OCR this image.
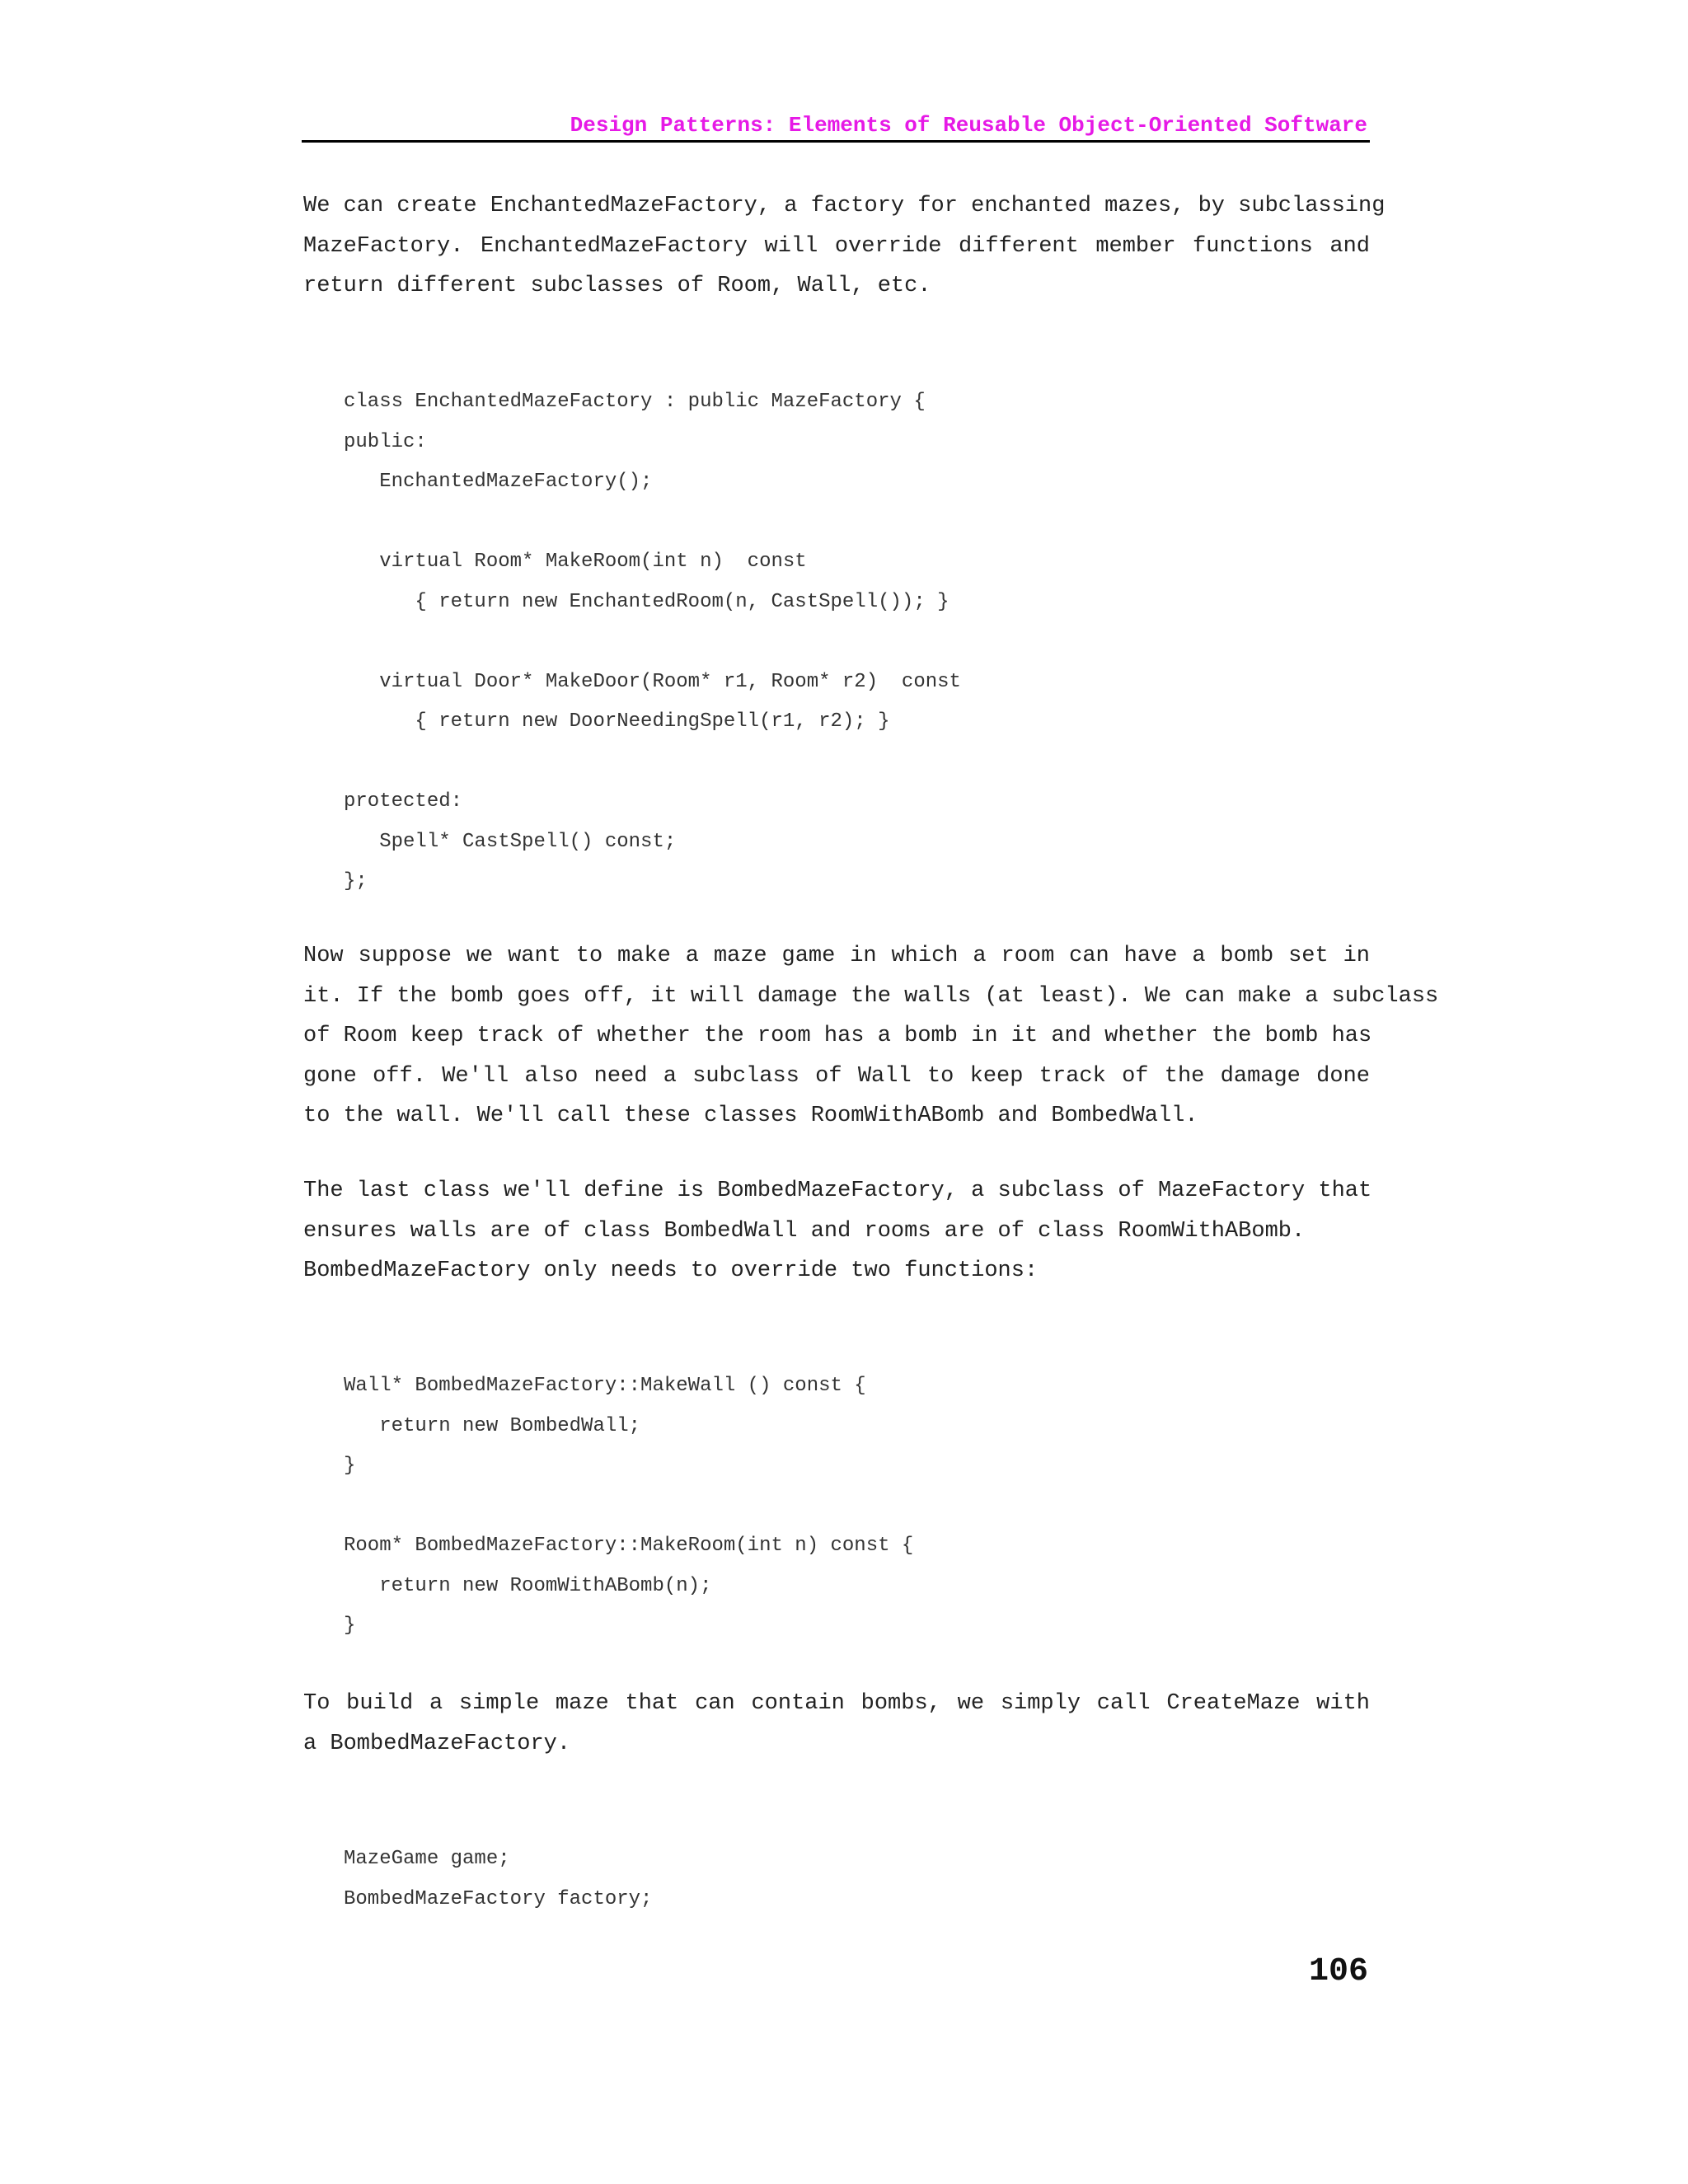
Design Patterns: Elements of Reusable Object-Oriented Software
We can create EnchantedMazeFactory, a factory for enchanted mazes, by subclassing
MazeFactory. EnchantedMazeFactory will override different member functions and
return different subclasses of Room, Wall, etc.
class EnchantedMazeFactory : public MazeFactory {
public:
EnchantedMazeFactory();
virtual Room* MakeRoom(int n)  const
{ return new EnchantedRoom(n, CastSpell()); }
virtual Door* MakeDoor(Room* r1, Room* r2)  const
{ return new DoorNeedingSpell(r1, r2); }
protected:
Spell* CastSpell() const;
};
Now suppose we want to make a maze game in which a room can have a bomb set in
it. If the bomb goes off, it will damage the walls (at least). We can make a subclass
of Room keep track of whether the room has a bomb in it and whether the bomb has
gone off. We'll also need a subclass of Wall to keep track of the damage done
to the wall. We'll call these classes RoomWithABomb and BombedWall.
The last class we'll define is BombedMazeFactory, a subclass of MazeFactory that
ensures walls are of class BombedWall and rooms are of class RoomWithABomb.
BombedMazeFactory only needs to override two functions:
Wall* BombedMazeFactory::MakeWall () const {
return new BombedWall;
}
Room* BombedMazeFactory::MakeRoom(int n) const {
return new RoomWithABomb(n);
}
To build a simple maze that can contain bombs, we simply call CreateMaze with
a BombedMazeFactory.
MazeGame game;
BombedMazeFactory factory;
106
